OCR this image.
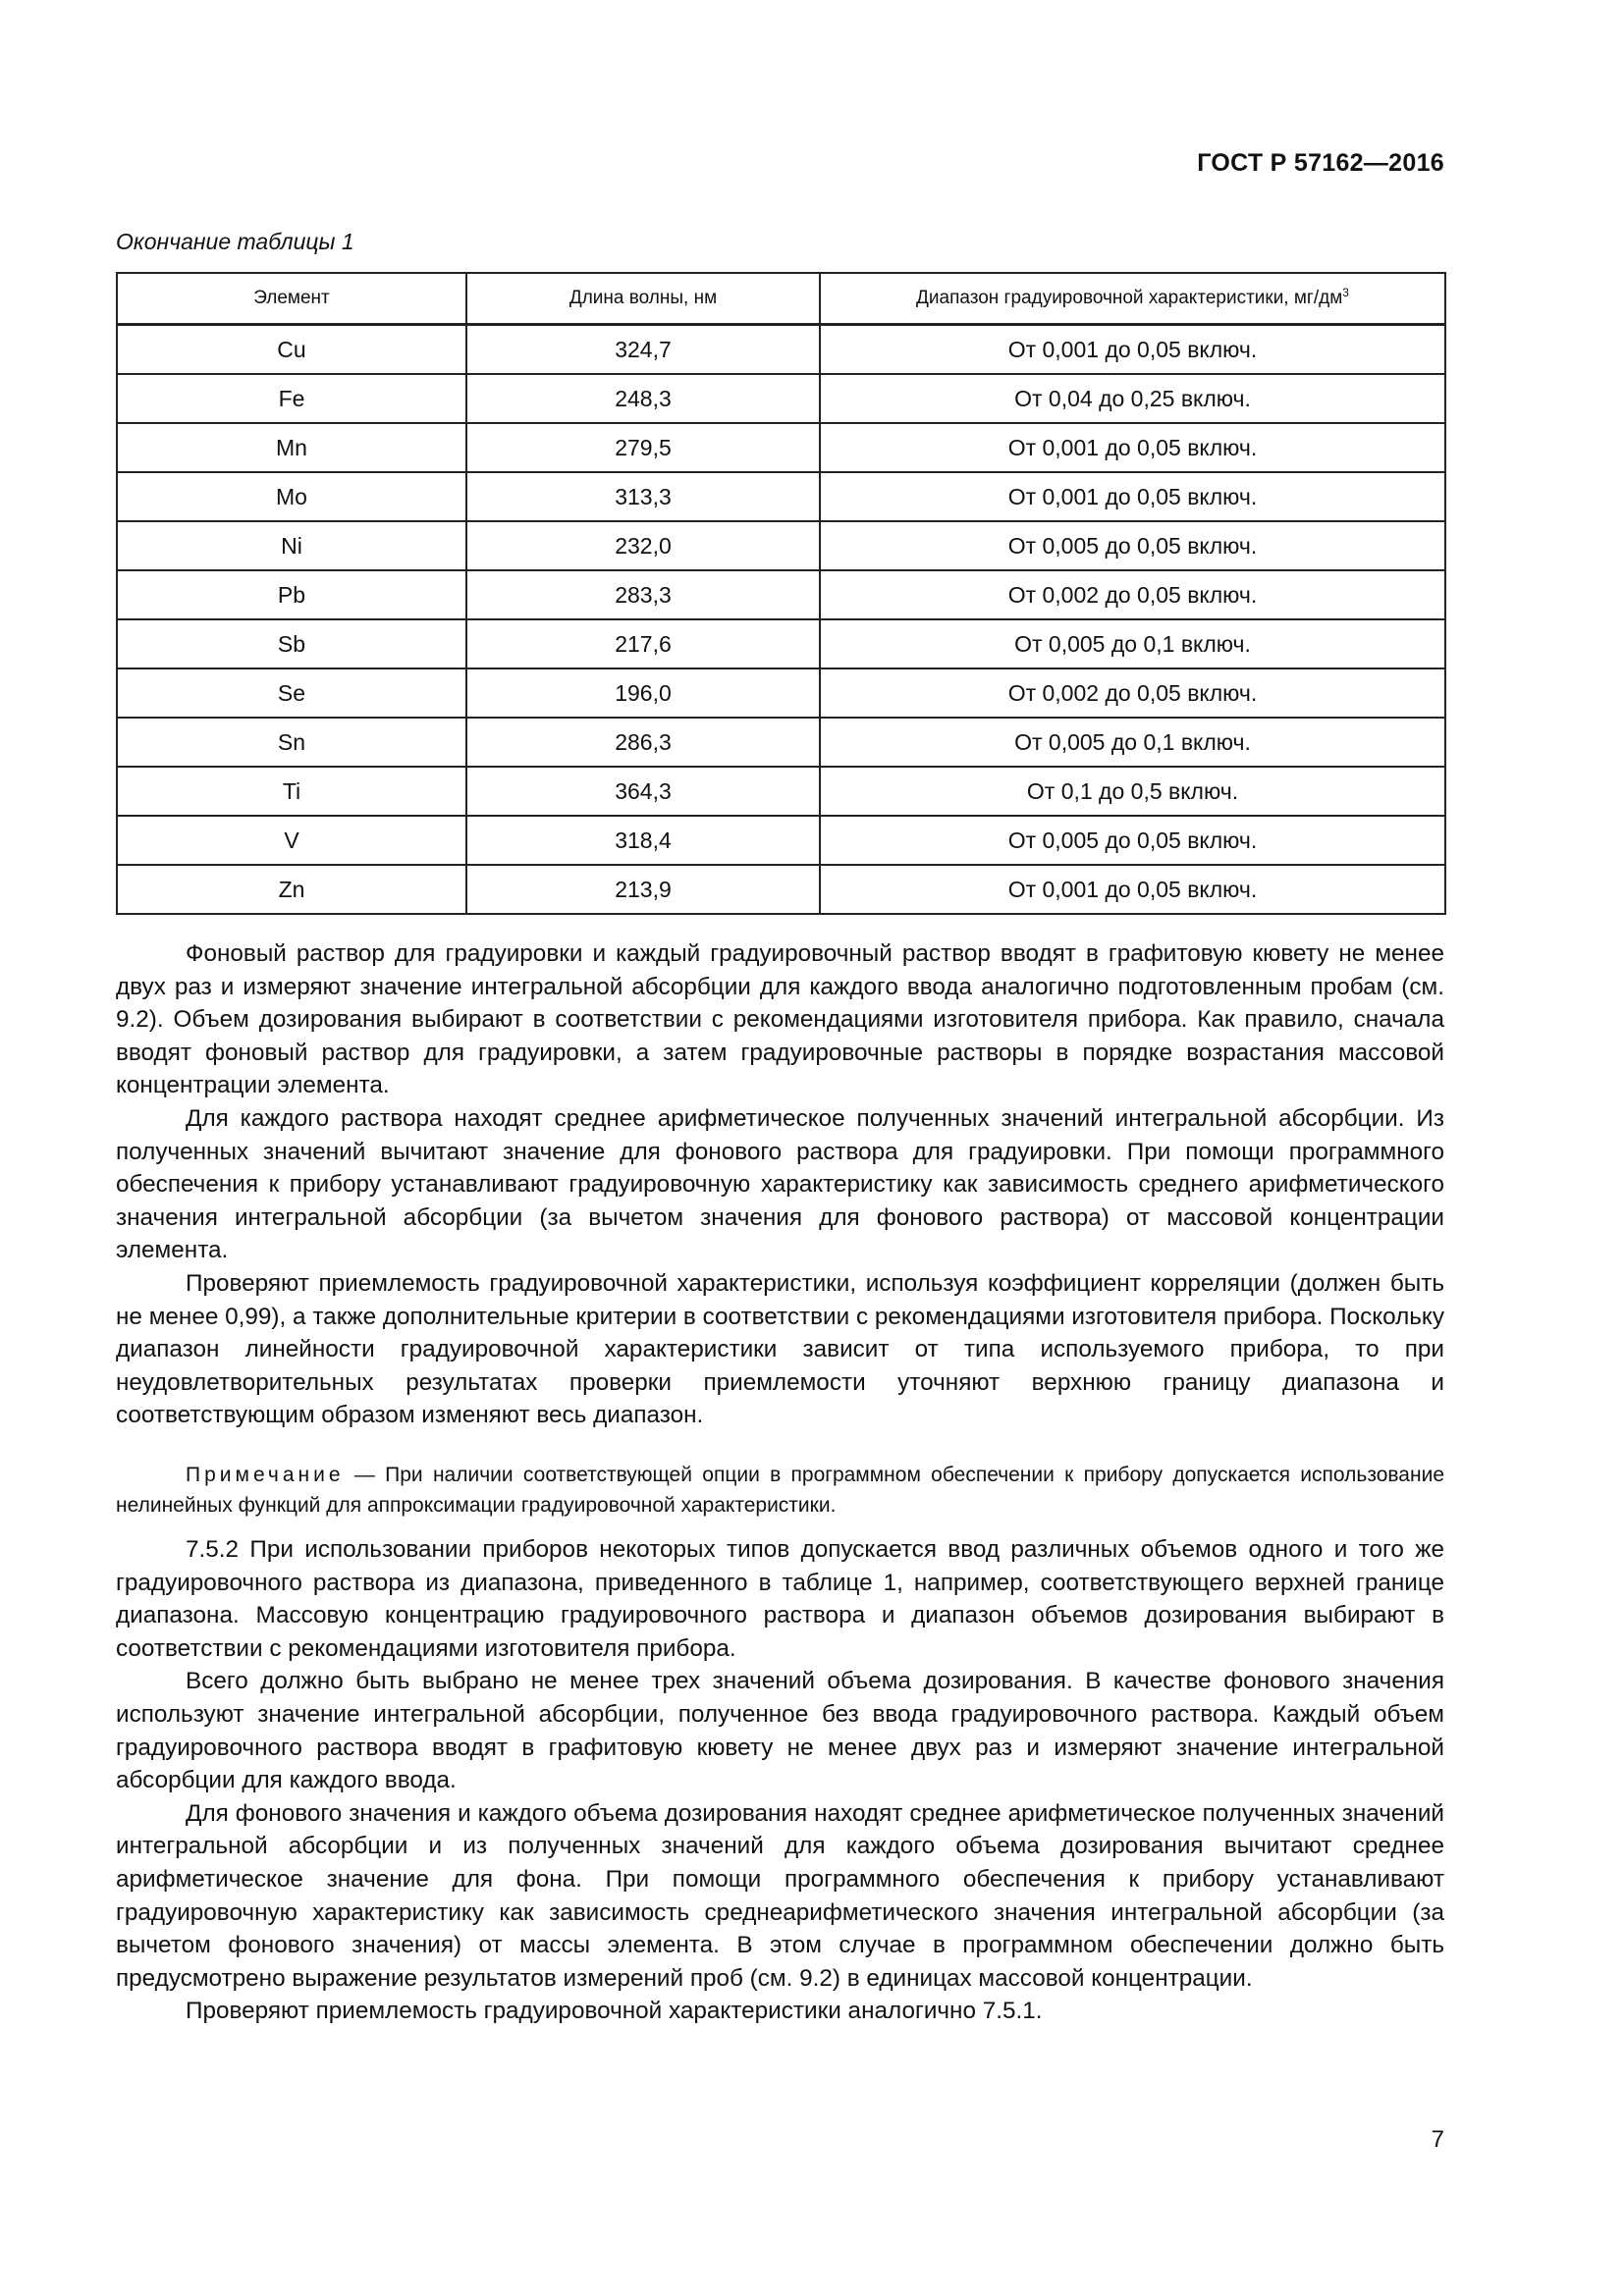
ГОСТ Р 57162—2016
Окончание таблицы 1
Элемент	Длина волны, нм	Диапазон градуировочной характеристики, $мг/дм^3$
Cu	324,7	От 0,001 до 0,05 включ.
Fe	248,3	От 0,04 до 0,25 включ.
Mn	279,5	От 0,001 до 0,05 включ.
Mo	313,3	От 0,001 до 0,05 включ.
Ni	232,0	От 0,005 до 0,05 включ.
Pb	283,3	От 0,002 до 0,05 включ.
Sb	217,6	От 0,005 до 0,1 включ.
Se	196,0	От 0,002 до 0,05 включ.
Sn	286,3	От 0,005 до 0,1 включ.
Ti	364,3	От 0,1 до 0,5 включ.
V	318,4	От 0,005 до 0,05 включ.
Zn	213,9	От 0,001 до 0,05 включ.

Фоновый раствор для градуировки и каждый градуировочный раствор вводят в графитовую кювету не менее двух раз и измеряют значение интегральной абсорбции для каждого ввода аналогично подготовленным пробам (см. 9.2). Объем дозирования выбирают в соответствии с рекомендациями изготовителя прибора. Как правило, сначала вводят фоновый раствор для градуировки, а затем градуировочные растворы в порядке возрастания массовой концентрации элемента.

Для каждого раствора находят среднее арифметическое полученных значений интегральной абсорбции. Из полученных значений вычитают значение для фонового раствора для градуировки. При помощи программного обеспечения к прибору устанавливают градуировочную характеристику как зависимость среднего арифметического значения интегральной абсорбции (за вычетом значения для фонового раствора) от массовой концентрации элемента.

Проверяют приемлемость градуировочной характеристики, используя коэффициент корреляции (должен быть не менее 0,99), а также дополнительные критерии в соответствии с рекомендациями изготовителя прибора. Поскольку диапазон линейности градуировочной характеристики зависит от типа используемого прибора, то при неудовлетворительных результатах проверки приемлемости уточняют верхнюю границу диапазона и соответствующим образом изменяют весь диапазон.

Примечание — При наличии соответствующей опции в программном обеспечении к прибору допускается использование нелинейных функций для аппроксимации градуировочной характеристики.

7.5.2 При использовании приборов некоторых типов допускается ввод различных объемов одного и того же градуировочного раствора из диапазона, приведенного в таблице 1, например, соответствующего верхней границе диапазона. Массовую концентрацию градуировочного раствора и диапазон объемов дозирования выбирают в соответствии с рекомендациями изготовителя прибора.

Всего должно быть выбрано не менее трех значений объема дозирования. В качестве фонового значения используют значение интегральной абсорбции, полученное без ввода градуировочного раствора. Каждый объем градуировочного раствора вводят в графитовую кювету не менее двух раз и измеряют значение интегральной абсорбции для каждого ввода.

Для фонового значения и каждого объема дозирования находят среднее арифметическое полученных значений интегральной абсорбции и из полученных значений для каждого объема дозирования вычитают среднее арифметическое значение для фона. При помощи программного обеспечения к прибору устанавливают градуировочную характеристику как зависимость среднеарифметического значения интегральной абсорбции (за вычетом фонового значения) от массы элемента. В этом случае в программном обеспечении должно быть предусмотрено выражение результатов измерений проб (см. 9.2) в единицах массовой концентрации.

Проверяют приемлемость градуировочной характеристики аналогично 7.5.1.

7
